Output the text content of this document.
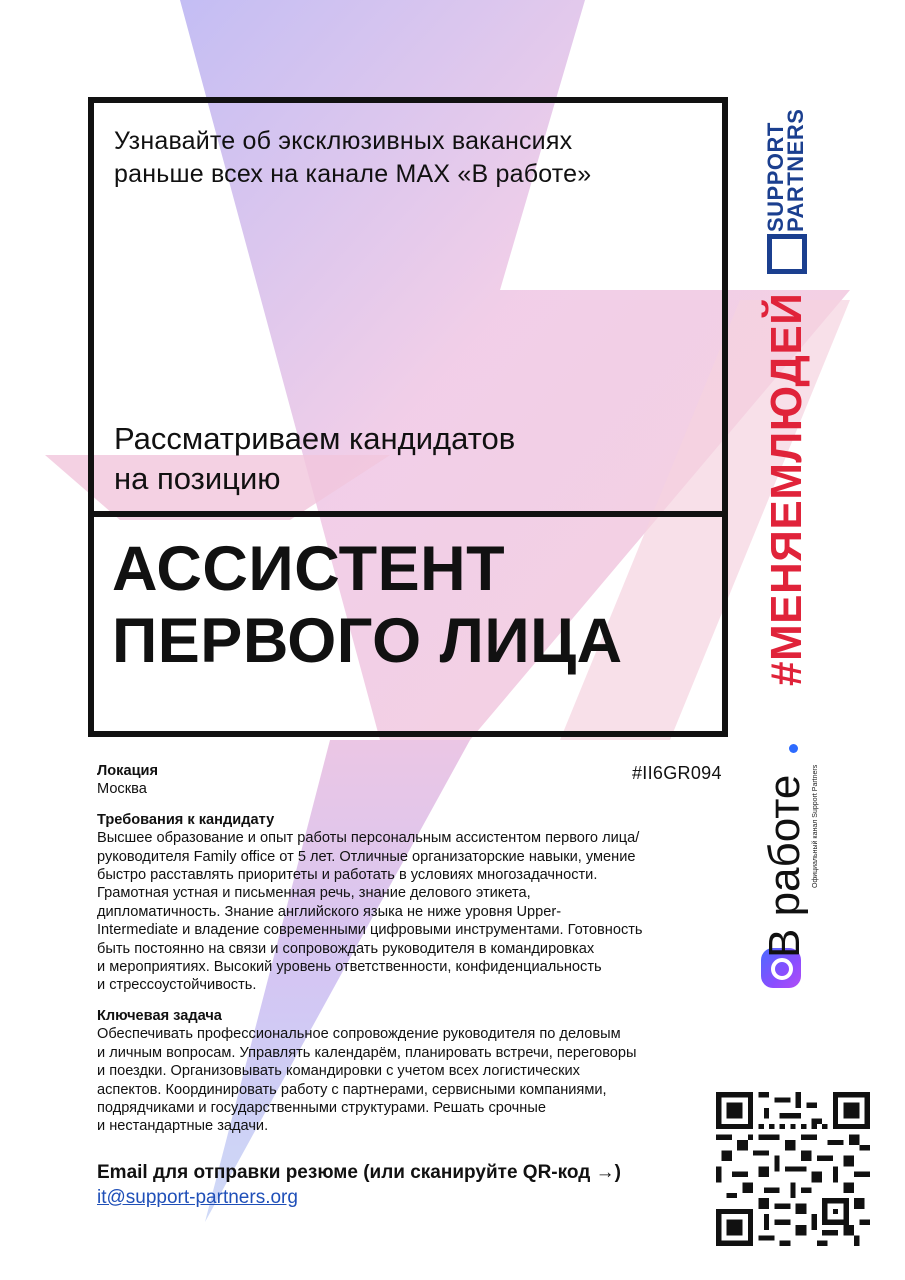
Узнавайте об эксклюзивных вакансиях
раньше всех на канале MAX «В работе»
Рассматриваем кандидатов
на позицию
АССИСТЕНТ
ПЕРВОГО ЛИЦА
#II6GR094
Локация
Москва
Требования к кандидату
Высшее образование и опыт работы персональным ассистентом первого лица/
руководителя Family office от 5 лет. Отличные организаторские навыки, умение
быстро расставлять приоритеты и работать в условиях многозадачности.
Грамотная устная и письменная речь, знание делового этикета,
дипломатичность. Знание английского языка не ниже уровня Upper-
Intermediate и владение современными цифровыми инструментами. Готовность
быть постоянно на связи и сопровождать руководителя в командировках
и мероприятиях. Высокий уровень ответственности, конфиденциальность
и стрессоустойчивость.
Ключевая задача
Обеспечивать профессиональное сопровождение руководителя по деловым
и личным вопросам. Управлять календарём, планировать встречи, переговоры
и поездки. Организовывать командировки с учетом всех логистических
аспектов. Координировать работу с партнерами, сервисными компаниями,
подрядчиками и государственными структурами. Решать срочные
и нестандартные задачи.
Email для отправки резюме (или сканируйте QR-код →)
it@support-partners.org
SUPPORT
PARTNERS
#МЕНЯЕМЛЮДЕЙ
В работе Официальный канал Support Partners
